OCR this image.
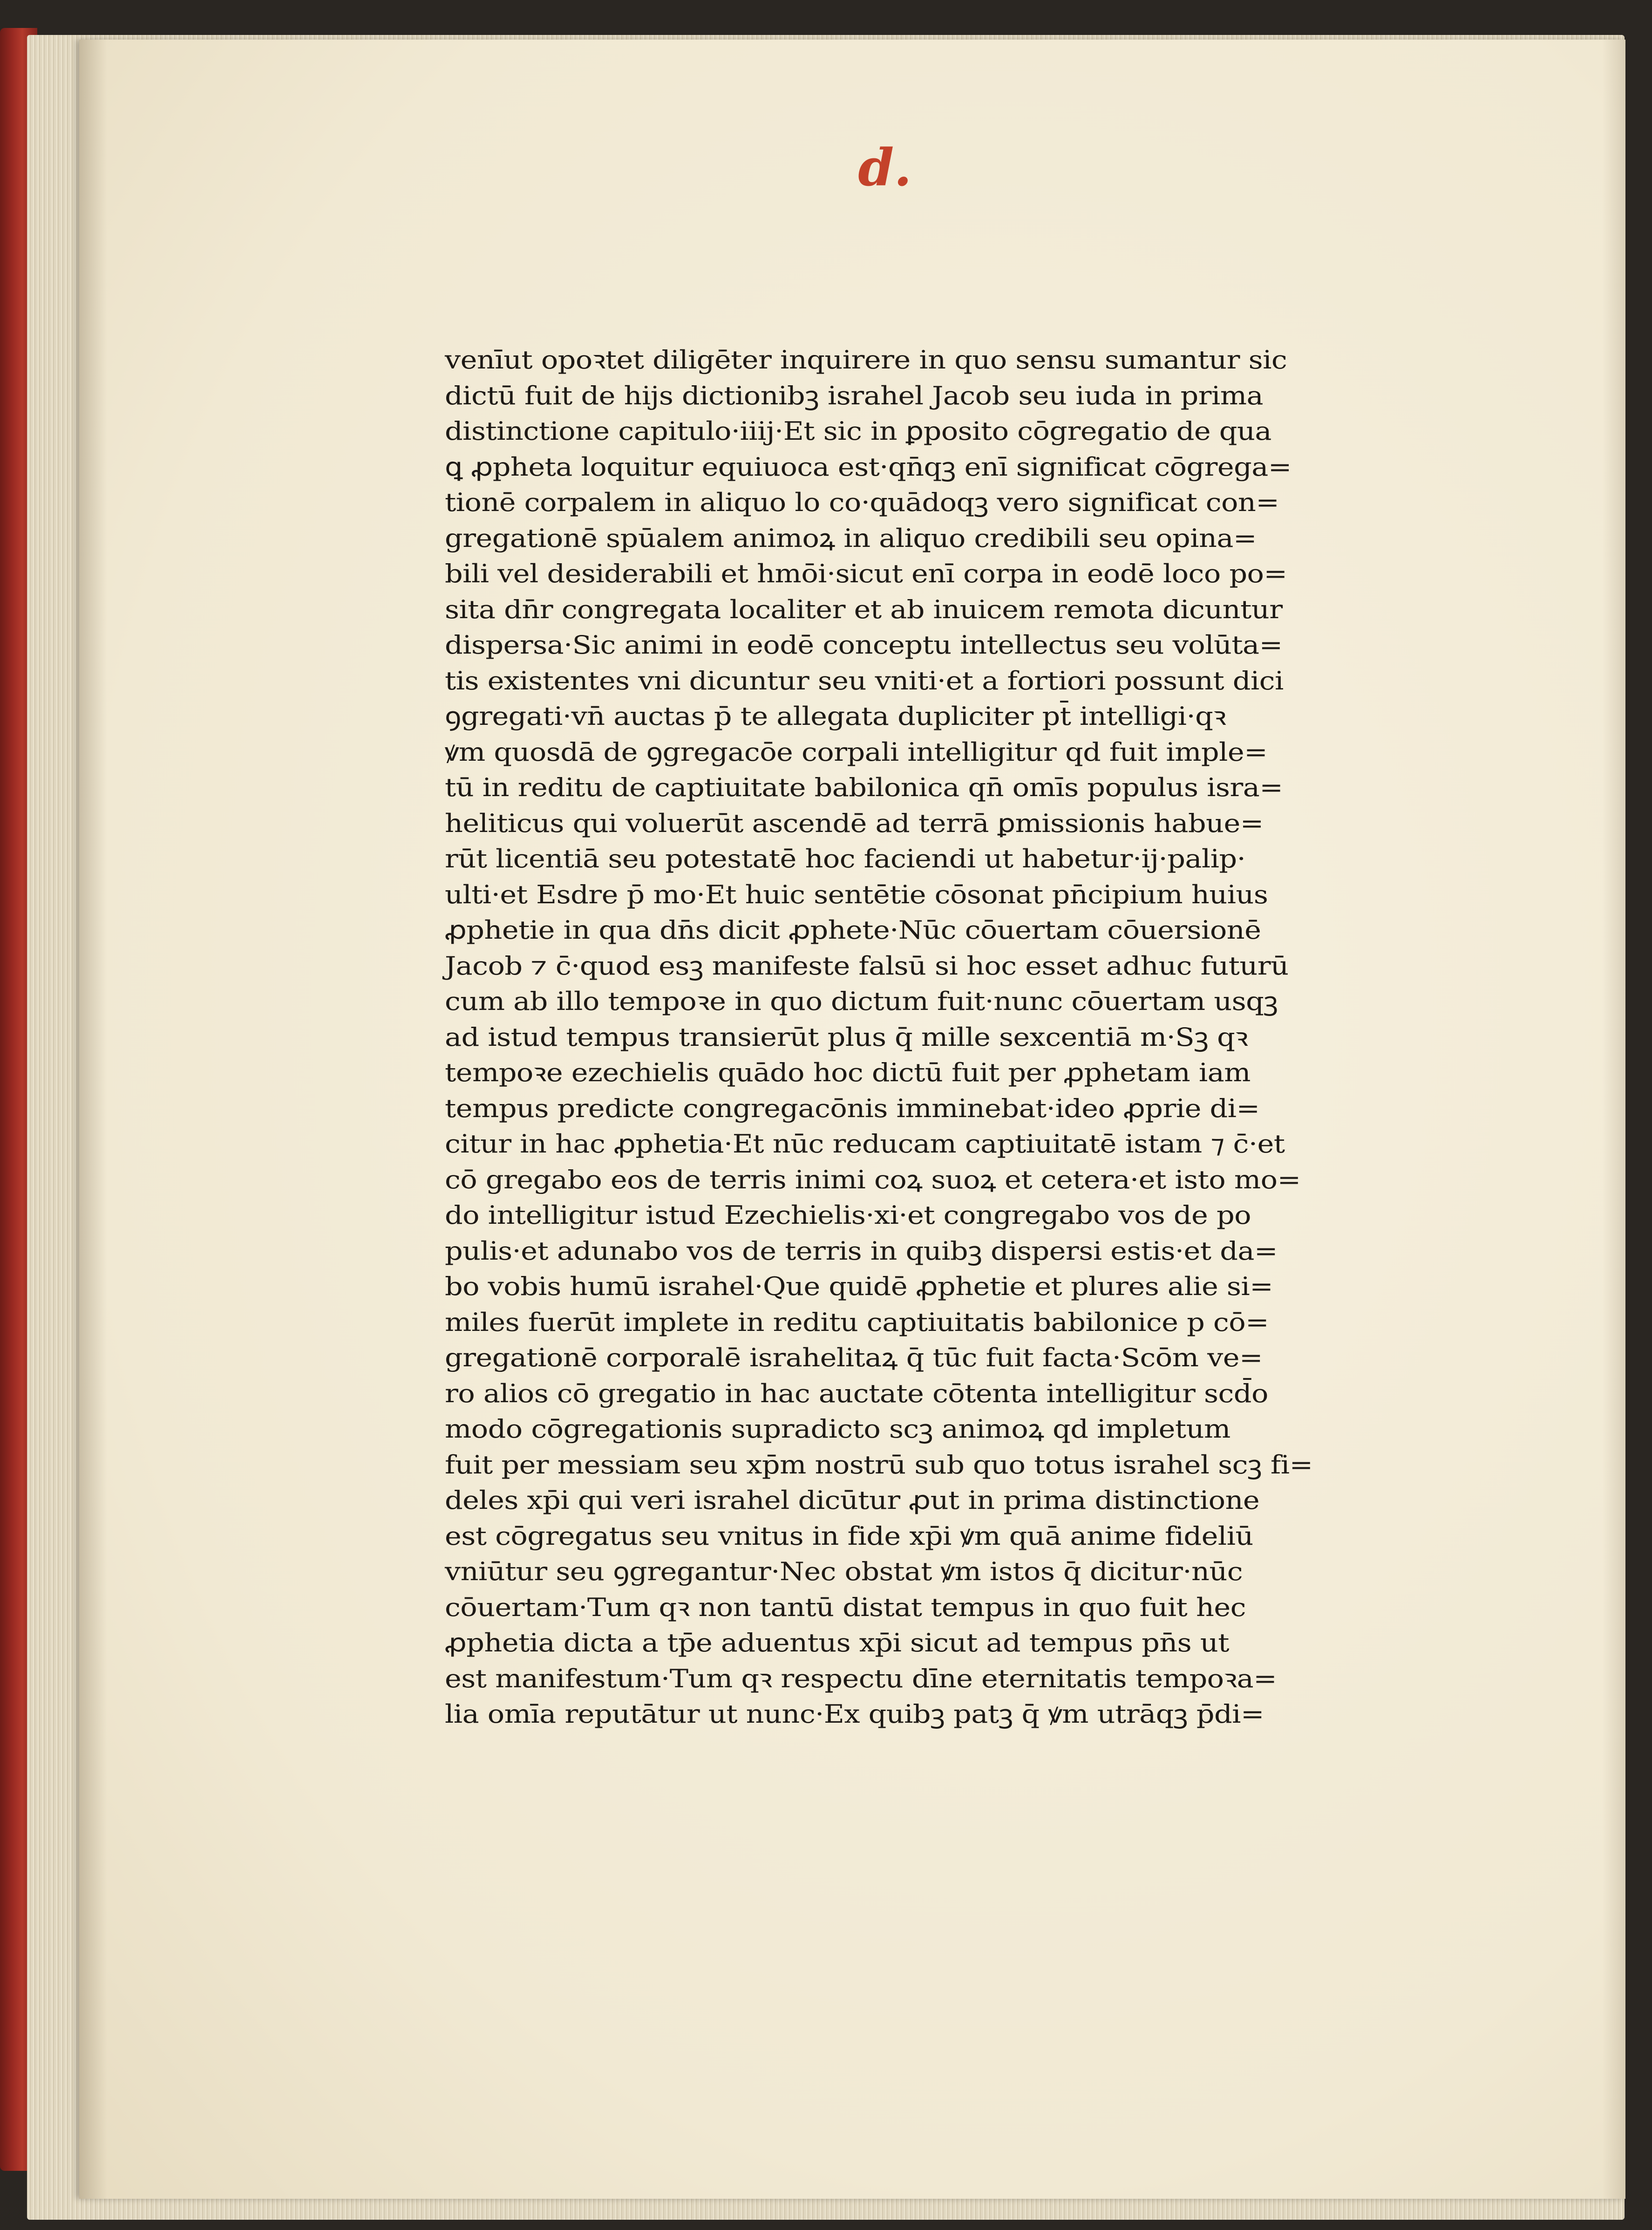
d.
venīut opoꝛtet diligēter inquirere in quo sensu sumantur sic
dictū fuit de hijs dictionibꝫ israhel Jacob seu iuda in prima
distinctione capitulo·iiij·Et sic in ꝑposito cōgregatio de qua
ꝗ ꝓpheta loquitur equiuoca est·qn̄qꝫ enī significat cōgrega=
tionē corpalem in aliquo lo co·quādoqꝫ vero significat con=
gregationē spūalem animoꝝ in aliquo credibili seu opina=
bili vel desiderabili et hmōi·sicut enī corpa in eodē loco po=
sita dn̄r congregata localiter et ab inuicem remota dicuntur
dispersa·Sic animi in eodē conceptu intellectus seu volūta=
tis existentes vni dicuntur seu vniti·et a fortiori possunt dici
ꝯgregati·vn̄ auctas p̄ te allegata dupliciter pt̄ intelligi·qꝛ
ꝟm quosdā de ꝯgregacōe corpali intelligitur qd fuit imple=
tū in reditu de captiuitate babilonica qn̄ omīs populus isra=
heliticus qui voluerūt ascendē ad terrā ꝑmissionis habue=
rūt licentiā seu potestatē hoc faciendi ut habetur·ij·palip·
ulti·et Esdre p̄ mo·Et huic sentētie cōsonat pn̄cipium huius
ꝓphetie in qua dn̄s dicit ꝓphete·Nūc cōuertam cōuersionē
Jacob ⁊ c̄·quod esꝫ manifeste falsū si hoc esset adhuc futurū
cum ab illo tempoꝛe in quo dictum fuit·nunc cōuertam usqꝫ
ad istud tempus transierūt plus q̄ mille sexcentiā m·Sꝫ qꝛ
tempoꝛe ezechielis quādo hoc dictū fuit per ꝓphetam iam
tempus predicte congregacōnis imminebat·ideo ꝓprie di=
citur in hac ꝓphetia·Et nūc reducam captiuitatē istam ⁊ c̄·et
cō gregabo eos de terris inimi coꝝ suoꝝ et cetera·et isto mo=
do intelligitur istud Ezechielis·xi·et congregabo vos de po
pulis·et adunabo vos de terris in quibꝫ dispersi estis·et da=
bo vobis humū israhel·Que quidē ꝓphetie et plures alie si=
miles fuerūt implete in reditu captiuitatis babilonice p cō=
gregationē corporalē israhelitaꝝ q̄ tūc fuit facta·Scōm ve=
ro alios cō gregatio in hac auctate cōtenta intelligitur scd̄o
modo cōgregationis supradicto scꝫ animoꝝ qd impletum
fuit per messiam seu xp̄m nostrū sub quo totus israhel scꝫ fi=
deles xp̄i qui veri israhel dicūtur ꝓut in prima distinctione
est cōgregatus seu vnitus in fide xp̄i ꝟm quā anime fideliū
vniūtur seu ꝯgregantur·Nec obstat ꝟm istos q̄ dicitur·nūc
cōuertam·Tum qꝛ non tantū distat tempus in quo fuit hec
ꝓphetia dicta a tp̄e aduentus xp̄i sicut ad tempus pn̄s ut
est manifestum·Tum qꝛ respectu dīne eternitatis tempoꝛa=
lia omīa reputātur ut nunc·Ex quibꝫ patꝫ q̄ ꝟm utrāqꝫ p̄di=
